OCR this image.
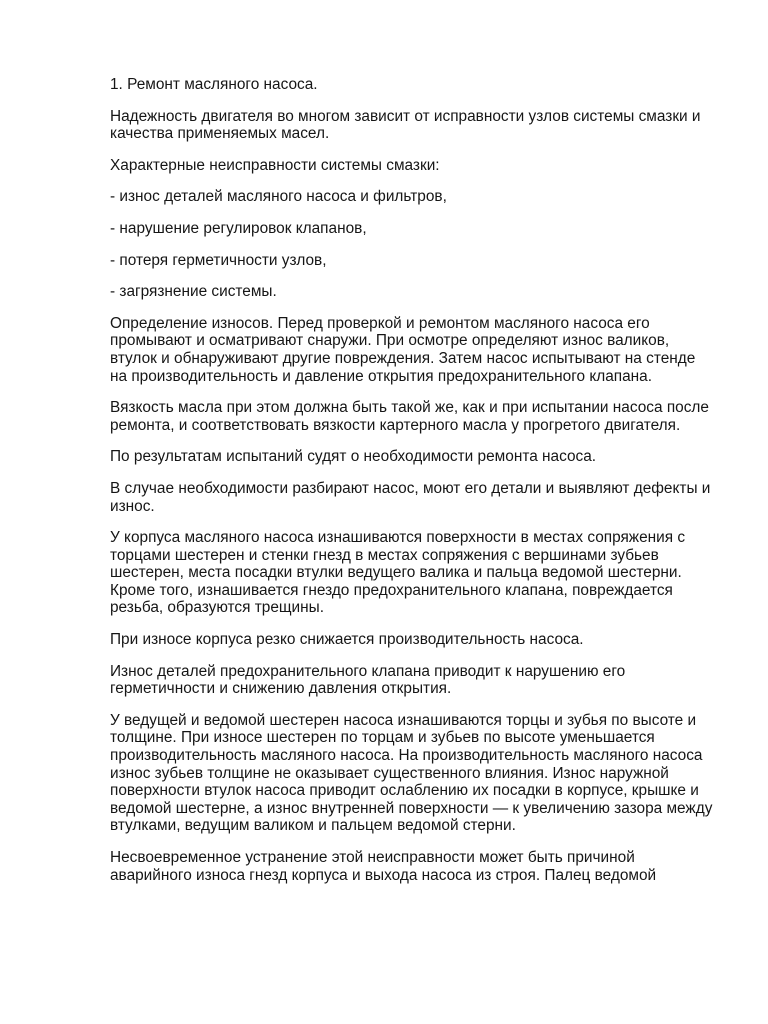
1. Ремонт масляного насоса.

Надежность двигателя во многом зависит от исправности узлов системы смазки и качества применяемых масел.

Характерные неисправности системы смазки:

- износ деталей масляного насоса и фильтров,

- нарушение регулировок клапанов,

- потеря герметичности узлов,

- загрязнение системы.

Определение износов. Перед проверкой и ремонтом масляного насоса его промывают и осматривают снаружи. При осмотре определяют износ валиков, втулок и обнаруживают другие повреждения. Затем насос испытывают на стенде на производительность и давление открытия предохранительного клапана.

Вязкость масла при этом должна быть такой же, как и при испытании насоса после ремонта, и соответствовать вязкости картерного масла у прогретого двигателя.

По результатам испытаний судят о необходимости ремонта насоса.

В случае необходимости разбирают насос, моют его детали и выявляют дефекты и износ.

У корпуса масляного насоса изнашиваются поверхности в местах сопряжения с торцами шестерен и стенки гнезд в местах сопряжения с вершинами зубьев шестерен, места посадки втулки ведущего валика и пальца ведомой шестерни. Кроме того, изнашивается гнездо предохранительного клапана, повреждается резьба, образуются трещины.

При износе корпуса резко снижается производительность насоса.

Износ деталей предохранительного клапана приводит к нарушению его герметичности и снижению давления открытия.

У ведущей и ведомой шестерен насоса изнашиваются торцы и зубья по высоте и толщине. При износе шестерен по торцам и зубьев по высоте уменьшается производительность масляного насоса. На производительность масляного насоса износ зубьев толщине не оказывает существенного влияния. Износ наружной поверхности втулок насоса приводит ослаблению их посадки в корпусе, крышке и ведомой шестерне, а износ внутренней поверхности — к увеличению зазора между втулками, ведущим валиком и пальцем ведомой стерни.

Несвоевременное устранение этой неисправности может быть причиной аварийного износа гнезд корпуса и выхода насоса из строя. Палец ведомой
